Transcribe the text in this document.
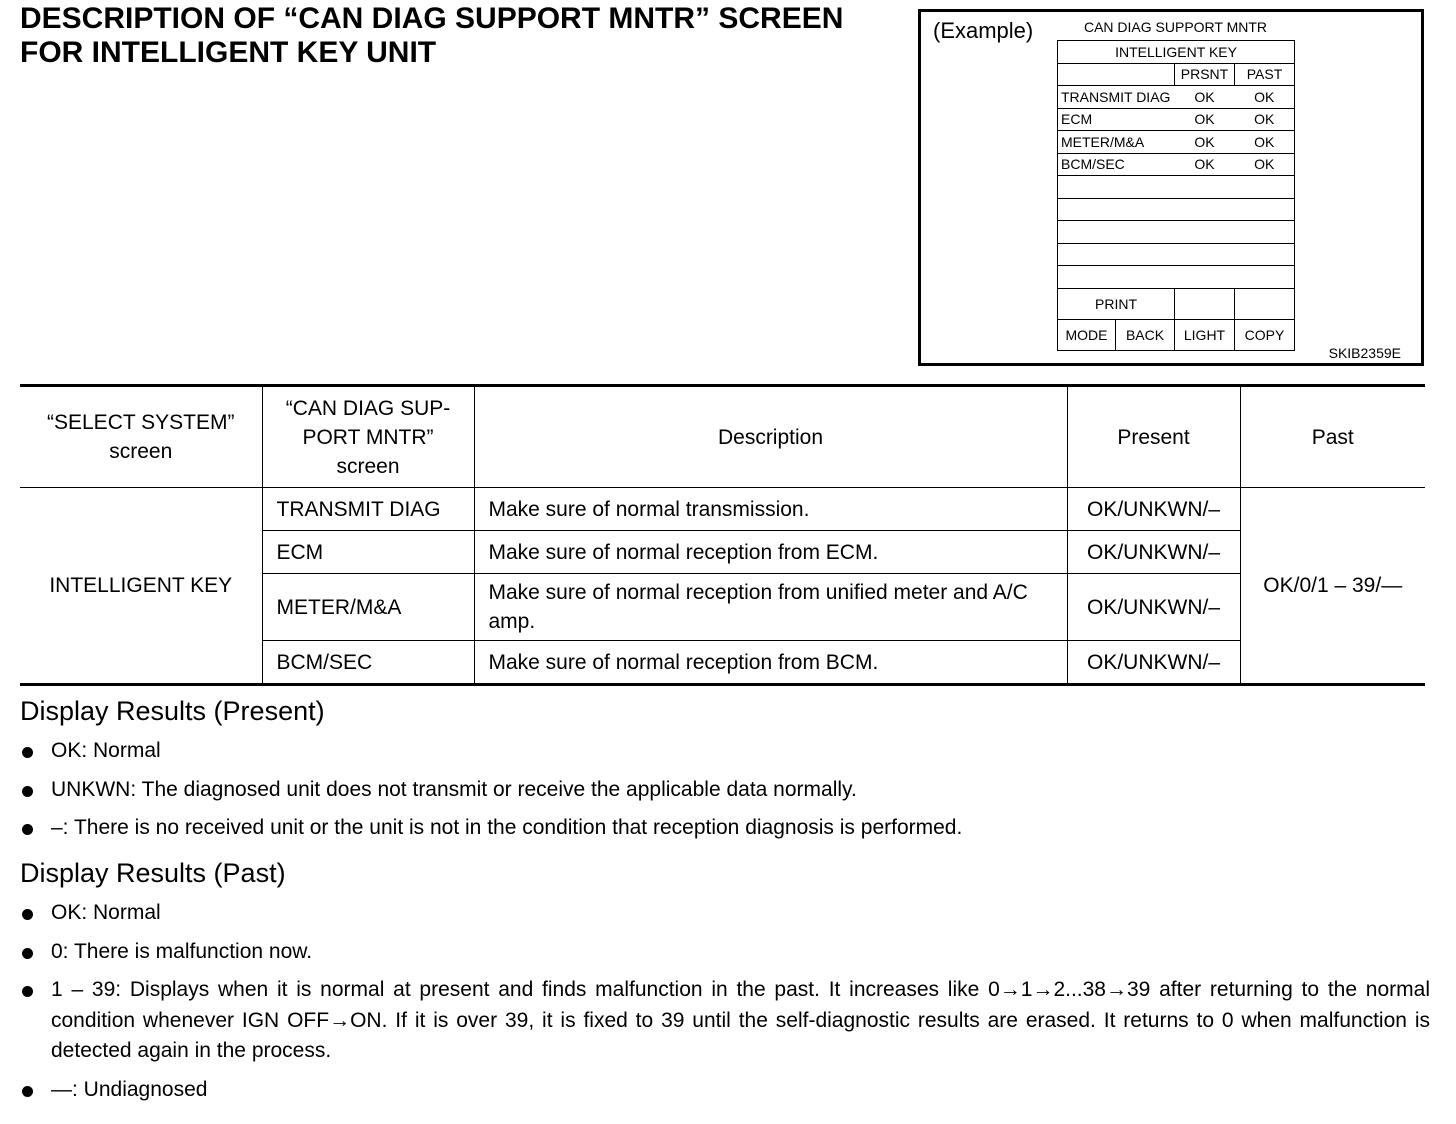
DESCRIPTION OF “CAN DIAG SUPPORT MNTR” SCREEN
FOR INTELLIGENT KEY UNIT
(Example)	CAN DIAG SUPPORT MNTR
INTELLIGENT KEY			
		PRSNT	PAST
TRANSMIT DIAG		OK	OK
ECM		OK	OK
METER/M&A		OK	OK
BCM/SEC		OK	OK

PRINT			
MODE	BACK	LIGHT	COPY
SKIB2359E
“SELECT SYSTEM” screen	“CAN DIAG SUP-PORT MNTR” screen	Description	Present	Past
INTELLIGENT KEY	TRANSMIT DIAG	Make sure of normal transmission.	OK/UNKWN/–	OK/0/1 – 39/—
	ECM	Make sure of normal reception from ECM.	OK/UNKWN/–	
	METER/M&A	Make sure of normal reception from unified meter and A/C amp.	OK/UNKWN/–	
	BCM/SEC	Make sure of normal reception from BCM.	OK/UNKWN/–	
Display Results (Present)
OK: Normal
UNKWN: The diagnosed unit does not transmit or receive the applicable data normally.
–: There is no received unit or the unit is not in the condition that reception diagnosis is performed.
Display Results (Past)
OK: Normal
0: There is malfunction now.
1 – 39: Displays when it is normal at present and finds malfunction in the past. It increases like 0→1→2...38→39 after returning to the normal condition whenever IGN OFF→ON. If it is over 39, it is fixed to 39 until the self-diagnostic results are erased. It returns to 0 when malfunction is detected again in the process.
—: Undiagnosed
